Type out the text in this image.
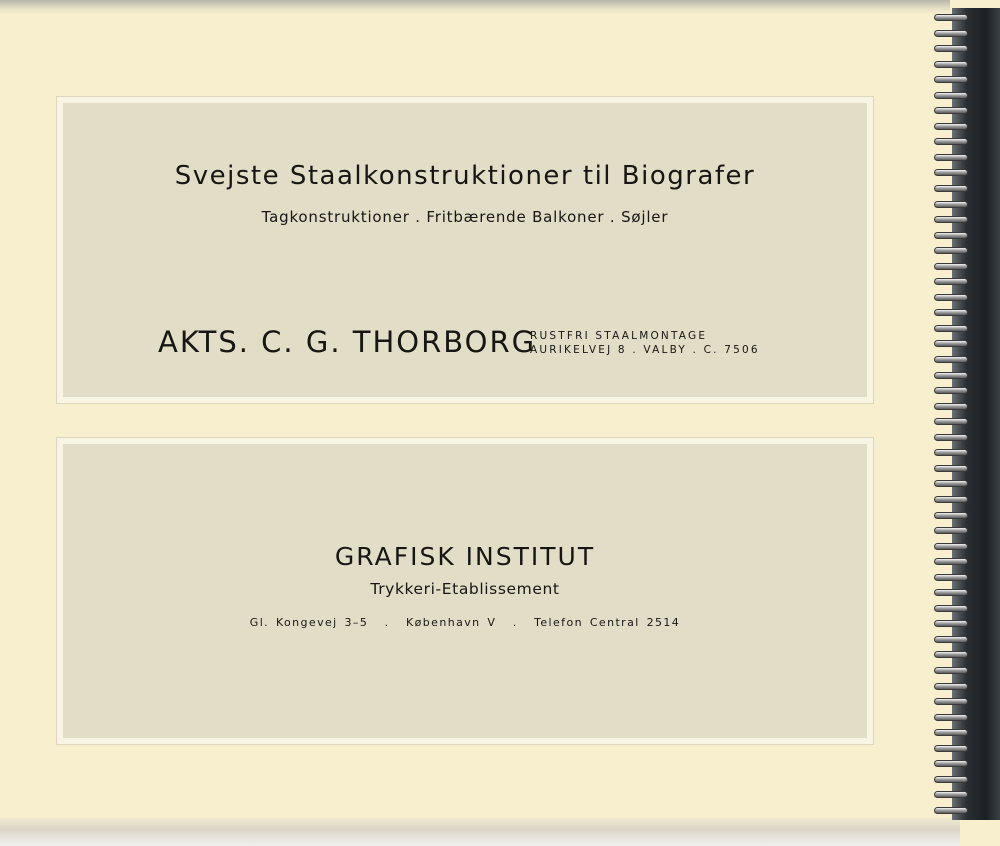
Svejste Staalkonstruktioner til Biografer
Tagkonstruktioner . Fritbærende Balkoner . Søjler
AKTS. C. G. THORBORG
RUSTFRI STAALMONTAGE
AURIKELVEJ 8 . VALBY . C. 7506
GRAFISK INSTITUT
Trykkeri-Etablissement
Gl. Kongevej 3–5 . København V . Telefon Central 2514
